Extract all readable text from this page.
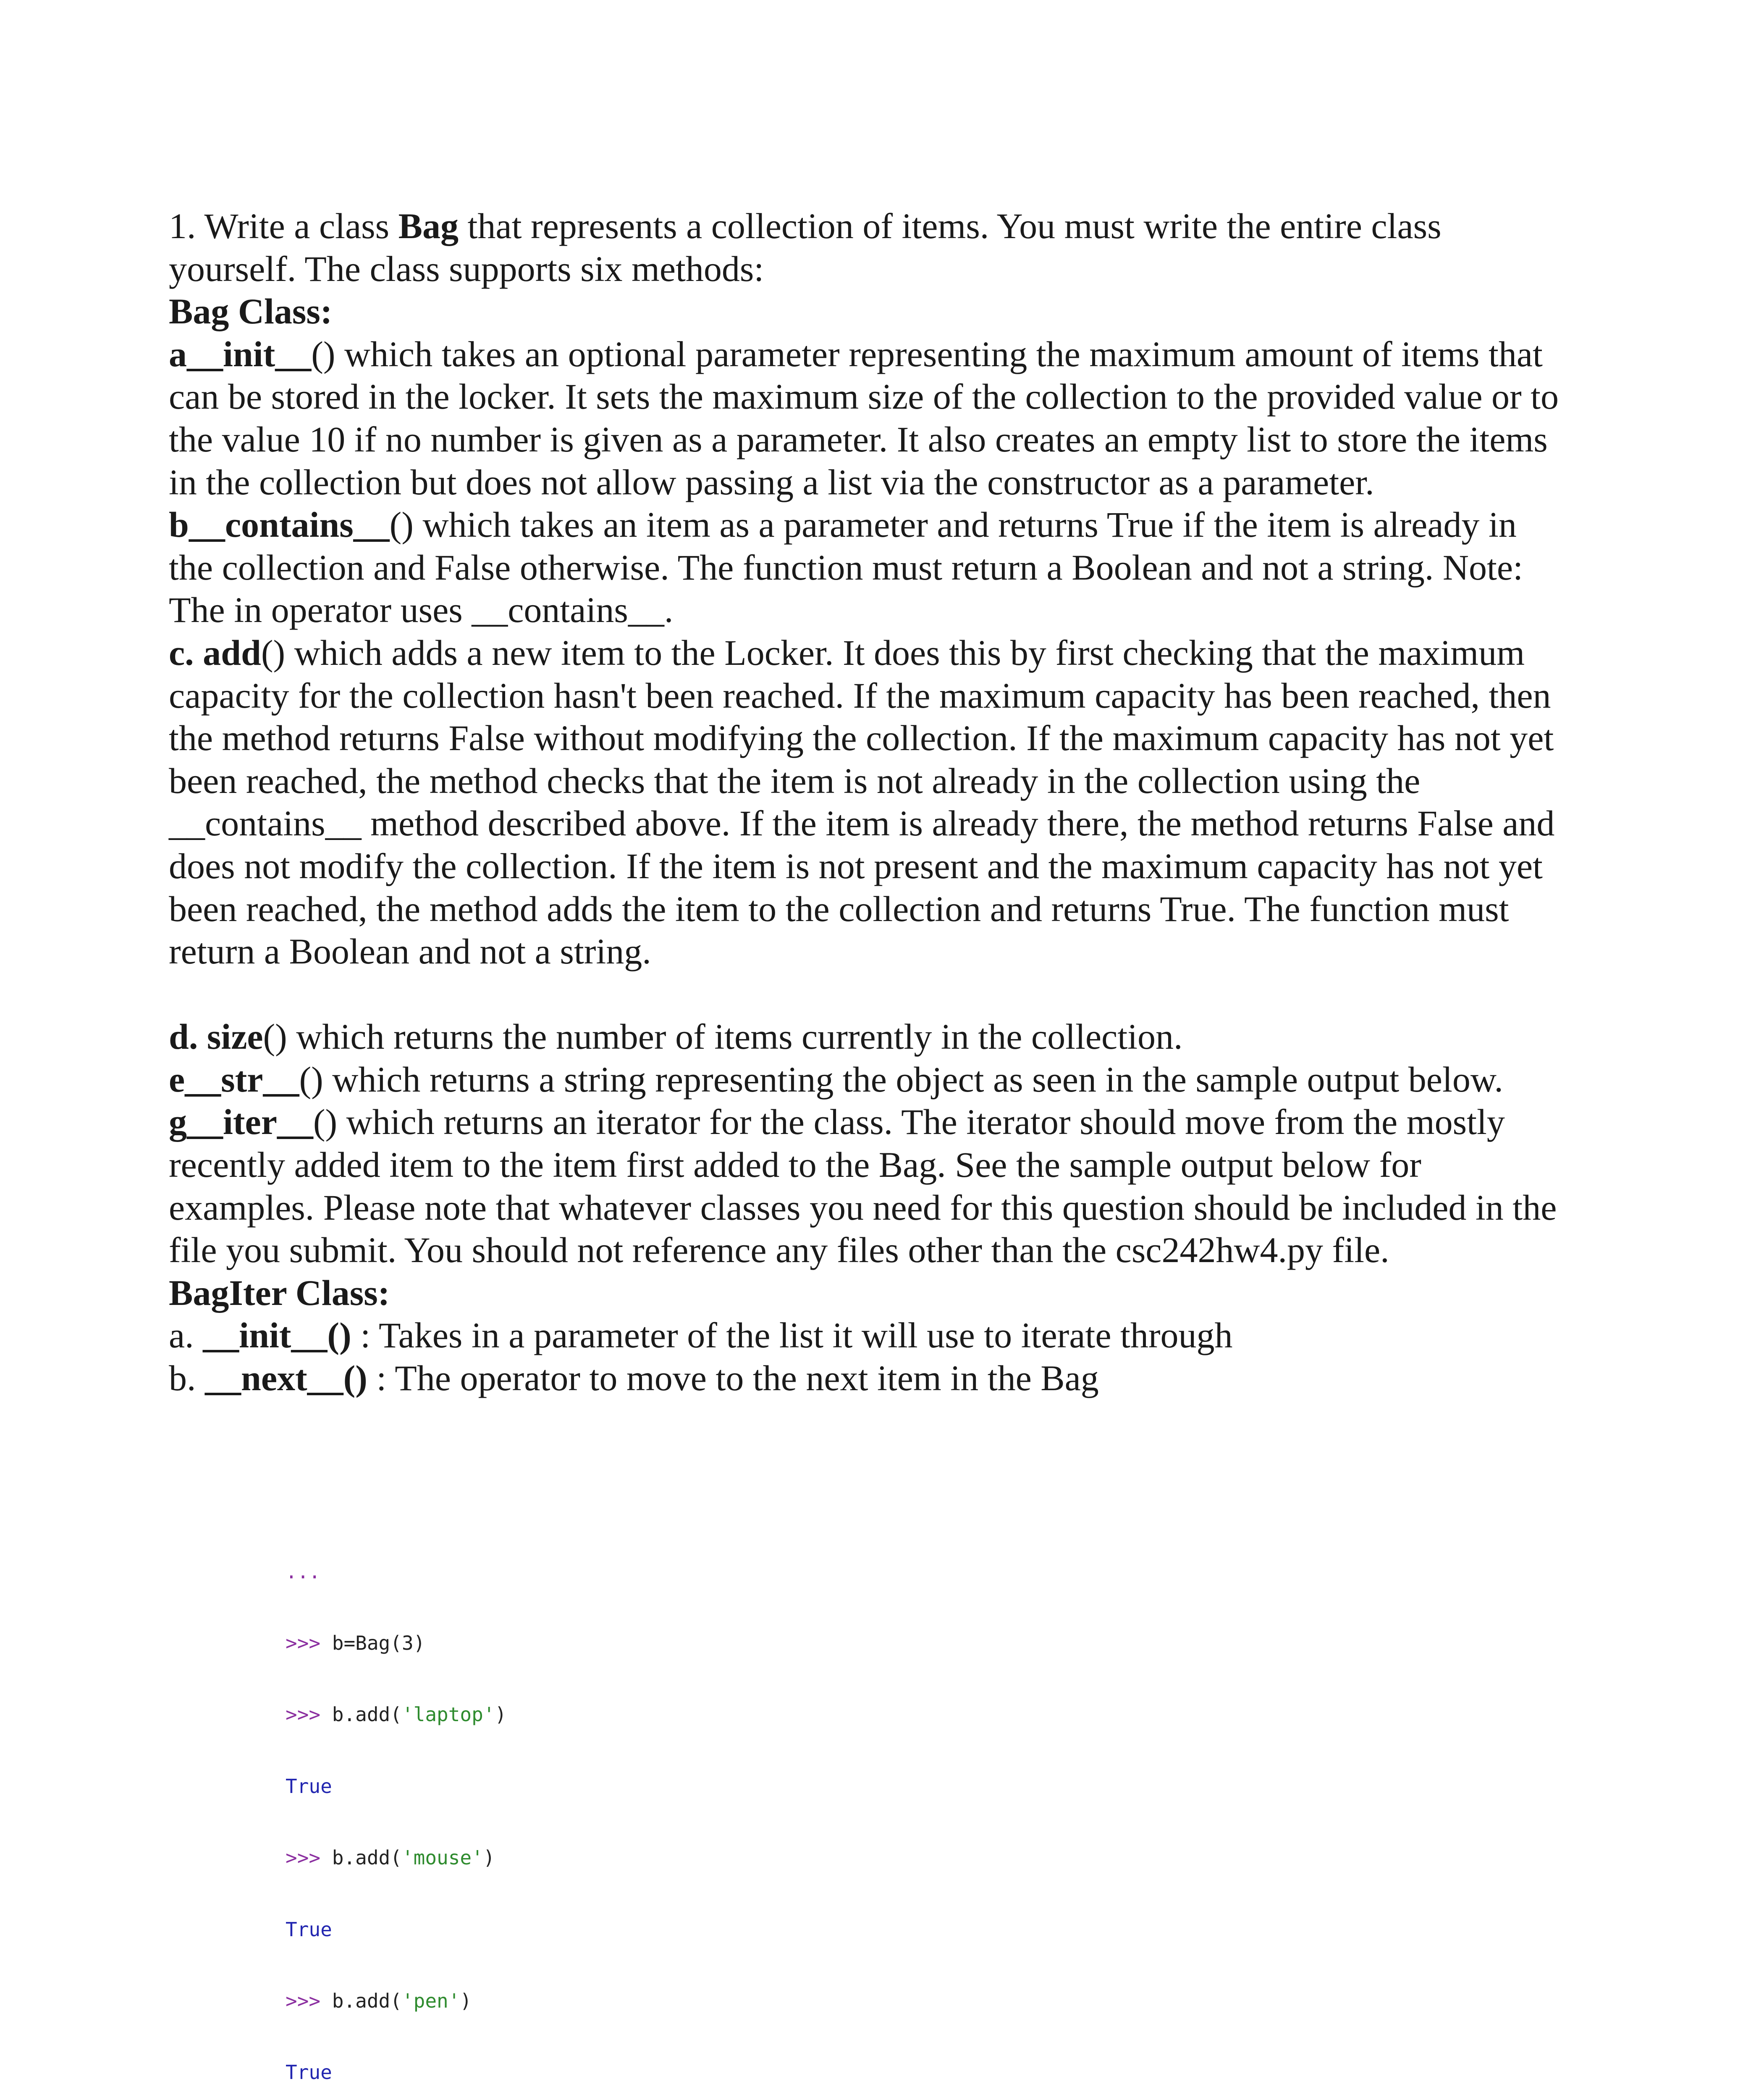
1. Write a class Bag that represents a collection of items. You must write the entire class
yourself. The class supports six methods:
Bag Class:
a__init__() which takes an optional parameter representing the maximum amount of items that
can be stored in the locker. It sets the maximum size of the collection to the provided value or to
the value 10 if no number is given as a parameter. It also creates an empty list to store the items
in the collection but does not allow passing a list via the constructor as a parameter.
b__contains__() which takes an item as a parameter and returns True if the item is already in
the collection and False otherwise. The function must return a Boolean and not a string. Note:
The in operator uses __contains__.
c. add() which adds a new item to the Locker. It does this by first checking that the maximum
capacity for the collection hasn't been reached. If the maximum capacity has been reached, then
the method returns False without modifying the collection. If the maximum capacity has not yet
been reached, the method checks that the item is not already in the collection using the
__contains__ method described above. If the item is already there, the method returns False and
does not modify the collection. If the item is not present and the maximum capacity has not yet
been reached, the method adds the item to the collection and returns True. The function must
return a Boolean and not a string.
d. size() which returns the number of items currently in the collection.
e__str__() which returns a string representing the object as seen in the sample output below.
g__iter__() which returns an iterator for the class. The iterator should move from the mostly
recently added item to the item first added to the Bag. See the sample output below for
examples. Please note that whatever classes you need for this question should be included in the
file you submit. You should not reference any files other than the csc242hw4.py file.
BagIter Class:
a. __init__() : Takes in a parameter of the list it will use to iterate through
b. __next__() : The operator to move to the next item in the Bag

...

>>> b=Bag(3)

>>> b.add('laptop')

True

>>> b.add('mouse')

True

>>> b.add('pen')

True
